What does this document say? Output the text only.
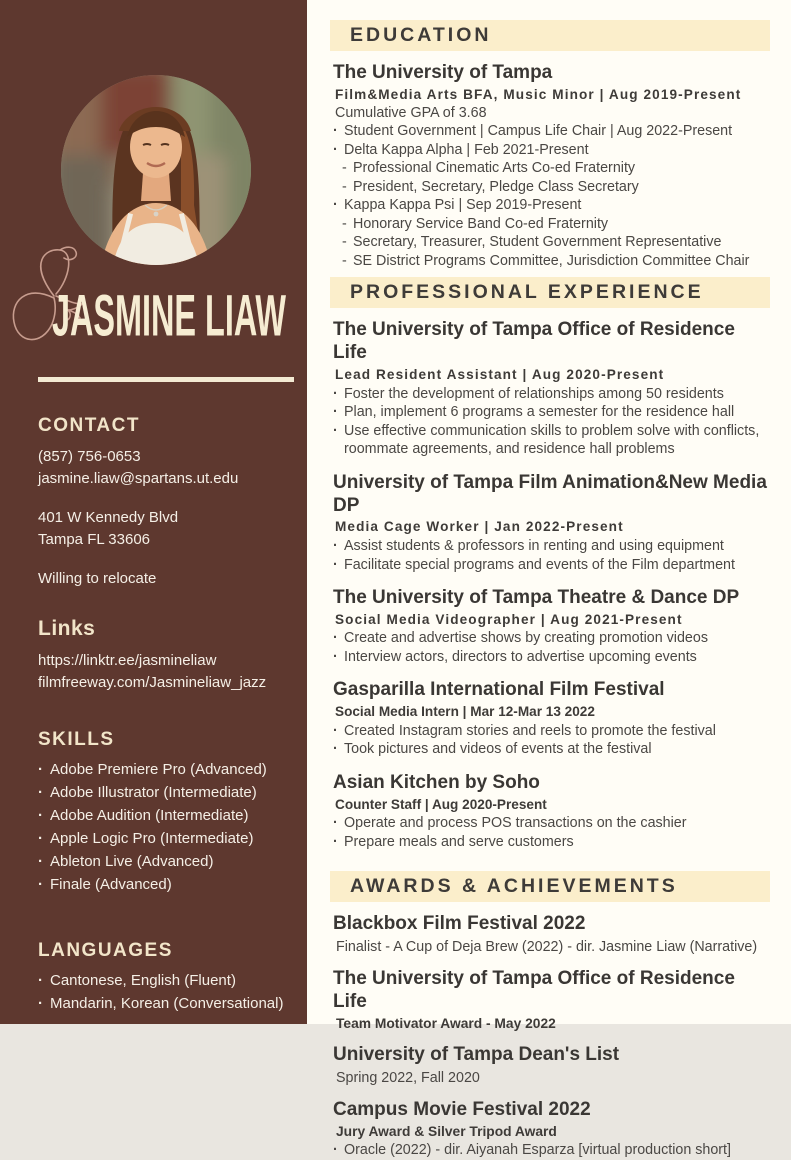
JASMINE LIAW
CONTACT
(857) 756-0653
jasmine.liaw@spartans.ut.edu
401 W Kennedy Blvd
Tampa FL 33606
Willing to relocate
Links
https://linktr.ee/jasmineliaw
filmfreeway.com/Jasmineliaw_jazz
SKILLS
·
Adobe Premiere Pro (Advanced)
·
Adobe Illustrator (Intermediate)
·
Adobe Audition (Intermediate)
·
Apple Logic Pro (Intermediate)
·
Ableton Live (Advanced)
·
Finale (Advanced)
LANGUAGES
·
Cantonese, English (Fluent)
·
Mandarin, Korean (Conversational)
EDUCATION
The University of Tampa
Film&Media Arts BFA, Music Minor | Aug 2019-Present
Cumulative GPA of 3.68
·
Student Government | Campus Life Chair | Aug 2022-Present
·
Delta Kappa Alpha | Feb 2021-Present
-
Professional Cinematic Arts Co-ed Fraternity
-
President, Secretary, Pledge Class Secretary
·
Kappa Kappa Psi | Sep 2019-Present
-
Honorary Service Band Co-ed Fraternity
-
Secretary, Treasurer, Student Government Representative
-
SE District Programs Committee, Jurisdiction Committee Chair
PROFESSIONAL EXPERIENCE
The University of Tampa Office of Residence Life
Lead Resident Assistant | Aug 2020-Present
·
Foster the development of relationships among 50 residents
·
Plan, implement 6 programs a semester for the residence hall
·
Use effective communication skills to problem solve with conflicts, roommate agreements, and residence hall problems
University of Tampa Film Animation&New Media DP
Media Cage Worker | Jan 2022-Present
·
Assist students & professors in renting and using equipment
·
Facilitate special programs and events of the Film department
The University of Tampa Theatre & Dance DP
Social Media Videographer | Aug 2021-Present
·
Create and advertise shows by creating promotion videos
·
Interview actors, directors to advertise upcoming events
Gasparilla International Film Festival
Social Media Intern | Mar 12-Mar 13 2022
·
Created Instagram stories and reels to promote the festival
·
Took pictures and videos of events at the festival
Asian Kitchen by Soho
Counter Staff | Aug 2020-Present
·
Operate and process POS transactions on the cashier
·
Prepare meals and serve customers
AWARDS & ACHIEVEMENTS
Blackbox Film Festival 2022
Finalist - A Cup of Deja Brew (2022) - dir. Jasmine Liaw (Narrative)
The University of Tampa Office of Residence Life
Team Motivator Award - May 2022
University of Tampa Dean's List
Spring 2022, Fall 2020
Campus Movie Festival 2022
Jury Award & Silver Tripod Award
·
Oracle (2022) - dir. Aiyanah Esparza [virtual production short]
